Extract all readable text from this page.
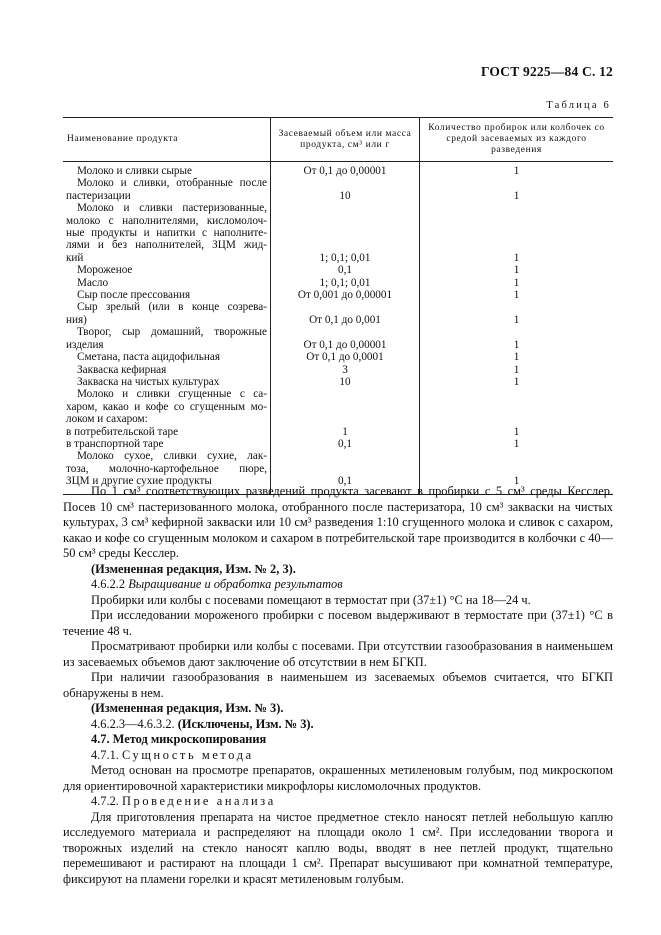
ГОСТ 9225—84 С. 12
Таблица 6
Наименование продукта	Засеваемый объем или масса продукта, см³ или г	Количество пробирок или колбочек со средой засеваемых из каждого разведения
Молоко и сливки сырые	От 0,1 до 0,00001	1
Молоко и сливки, отобранные после		
пастеризации	10	1
Молоко и сливки пастеризованные,		
молоко с наполнителями, кисломолоч-		
ные продукты и напитки с наполните-		
лями и без наполнителей, ЗЦМ жид-		
кий	1; 0,1; 0,01	1
Мороженое	0,1	1
Масло	1; 0,1; 0,01	1
Сыр после прессования	От 0,001 до 0,00001	1
Сыр зрелый (или в конце созрева-		
ния)	От 0,1 до 0,001	1
Творог, сыр домашний, творожные		
изделия	От 0,1 до 0,00001	1
Сметана, паста ацидофильная	От 0,1 до 0,0001	1
Закваска кефирная	3	1
Закваска на чистых культурах	10	1
Молоко и сливки сгущенные с са-		
харом, какао и кофе со сгущенным мо-		
локом и сахаром:		
в потребительской таре	1	1
в транспортной таре	0,1	1
Молоко сухое, сливки сухие, лак-		
тоза, молочно-картофельное пюре,		
ЗЦМ и другие сухие продукты	0,1	1

По 1 см³ соответствующих разведений продукта засевают в пробирки с 5 см³ среды Кесслер. Посев 10 см³ пастеризованного молока, отобранного после пастеризатора, 10 см³ закваски на чистых культурах, 3 см³ кефирной закваски или 10 см³ разведения 1:10 сгущенного молока и сливок с сахаром, какао и кофе со сгущенным молоком и сахаром в потребительской таре производится в колбочки с 40—50 см³ среды Кесслер.

(Измененная редакция, Изм. № 2, 3).

4.6.2.2 Выращивание и обработка результатов

Пробирки или колбы с посевами помещают в термостат при (37±1) °С на 18—24 ч.

При исследовании мороженого пробирки с посевом выдерживают в термостате при (37±1) °С в течение 48 ч.

Просматривают пробирки или колбы с посевами. При отсутствии газообразования в наименьшем из засеваемых объемов дают заключение об отсутствии в нем БГКП.

При наличии газообразования в наименьшем из засеваемых объемов считается, что БГКП обнаружены в нем.

(Измененная редакция, Изм. № 3).

4.6.2.3—4.6.3.2. (Исключены, Изм. № 3).

4.7. Метод микроскопирования

4.7.1. Сущность метода

Метод основан на просмотре препаратов, окрашенных метиленовым голубым, под микроскопом для ориентировочной характеристики микрофлоры кисломолочных продуктов.

4.7.2. Проведение анализа

Для приготовления препарата на чистое предметное стекло наносят петлей небольшую каплю исследуемого материала и распределяют на площади около 1 см². При исследовании творога и творожных изделий на стекло наносят каплю воды, вводят в нее петлей продукт, тщательно перемешивают и растирают на площади 1 см². Препарат высушивают при комнатной температуре, фиксируют на пламени горелки и красят метиленовым голубым.
